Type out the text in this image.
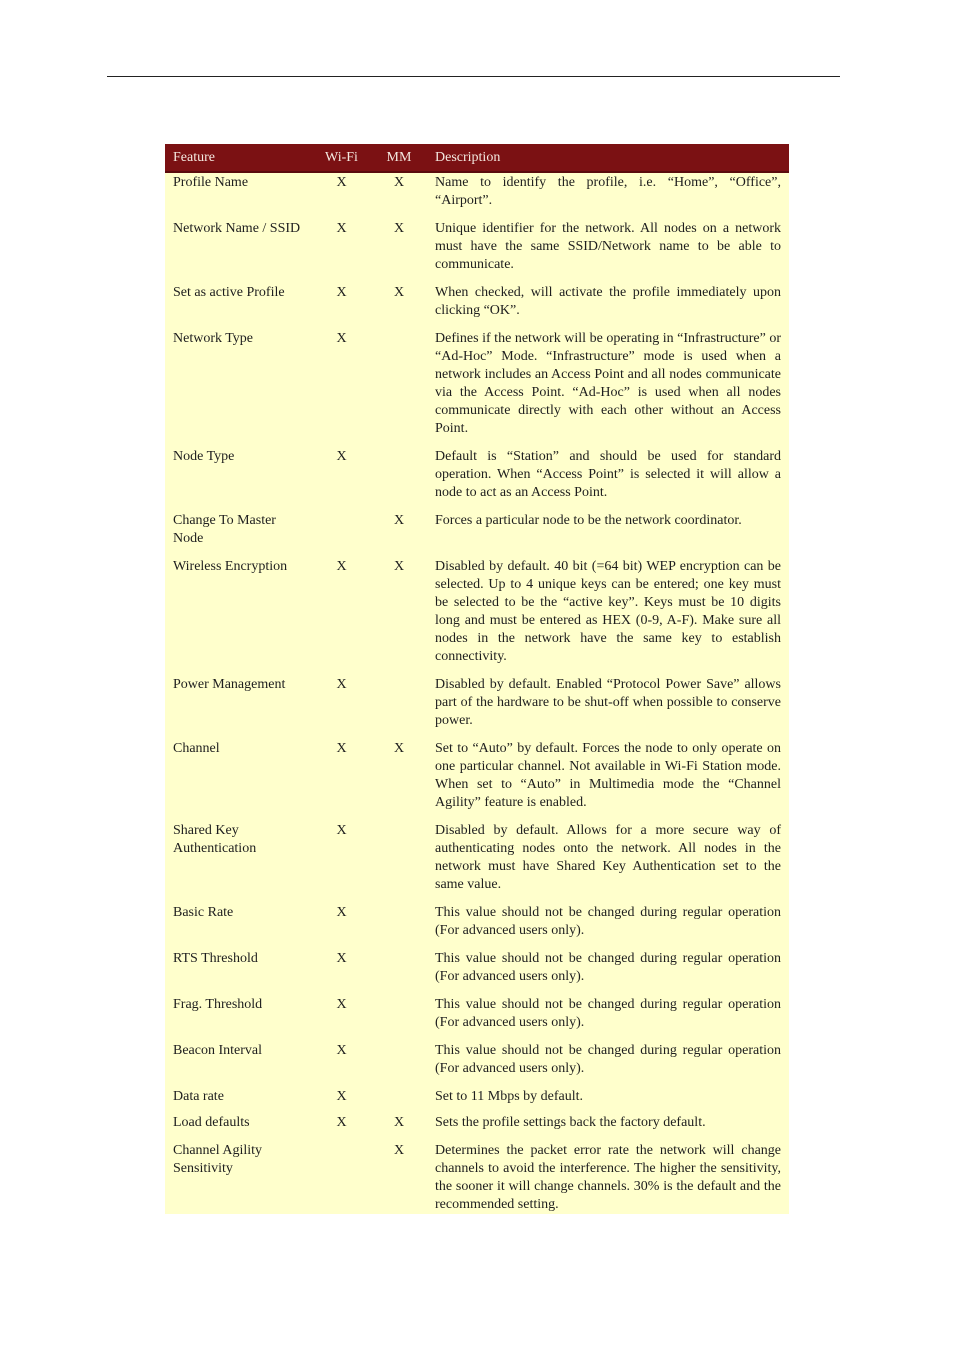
Feature	Wi-Fi	MM	Description
Profile Name	X	X	Name to identify the profile, i.e. “Home”, “Office”, “Airport”.
Network Name / SSID	X	X	Unique identifier for the network. All nodes on a network must have the same SSID/Network name to be able to communicate.
Set as active Profile	X	X	When checked, will activate the profile immediately upon clicking “OK”.
Network Type	X		Defines if the network will be operating in “Infrastructure” or “Ad-Hoc” Mode. “Infrastructure” mode is used when a network includes an Access Point and all nodes communicate via the Access Point. “Ad-Hoc” is used when all nodes communicate directly with each other without an Access Point.
Node Type	X		Default is “Station” and should be used for standard operation. When “Access Point” is selected it will allow a node to act as an Access Point.
Change To Master Node		X	Forces a particular node to be the network coordinator.
Wireless Encryption	X	X	Disabled by default. 40 bit (=64 bit) WEP encryption can be selected. Up to 4 unique keys can be entered; one key must be selected to be the “active key”. Keys must be 10 digits long and must be entered as HEX (0-9, A-F). Make sure all nodes in the network have the same key to establish connectivity.
Power Management	X		Disabled by default. Enabled “Protocol Power Save” allows part of the hardware to be shut-off when possible to conserve power.
Channel	X	X	Set to “Auto” by default. Forces the node to only operate on one particular channel. Not available in Wi-Fi Station mode. When set to “Auto” in Multimedia mode the “Channel Agility” feature is enabled.
Shared Key Authentication	X		Disabled by default. Allows for a more secure way of authenticating nodes onto the network. All nodes in the network must have Shared Key Authentication set to the same value.
Basic Rate	X		This value should not be changed during regular operation (For advanced users only).
RTS Threshold	X		This value should not be changed during regular operation (For advanced users only).
Frag. Threshold	X		This value should not be changed during regular operation (For advanced users only).
Beacon Interval	X		This value should not be changed during regular operation (For advanced users only).
Data rate	X		Set to 11 Mbps by default.
Load defaults	X	X	Sets the profile settings back the factory default.
Channel Agility Sensitivity		X	Determines the packet error rate the network will change channels to avoid the interference. The higher the sensitivity, the sooner it will change channels. 30% is the default and the recommended setting.
